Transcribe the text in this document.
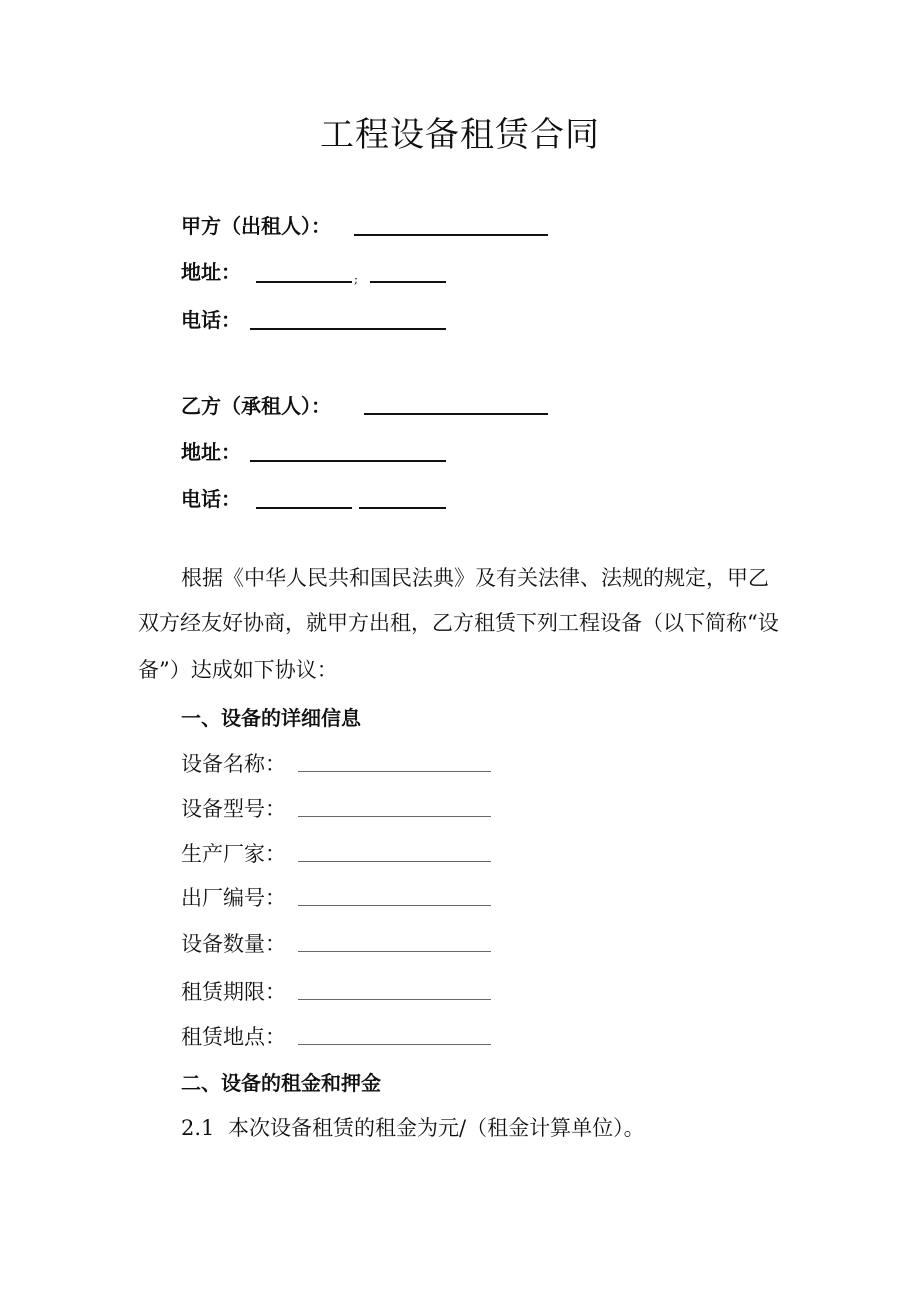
工程设备租赁合同
甲方（出租人）：
地址：	;
电话：
乙方（承租人）：
地址：
电话：
根据《中华人民共和国民法典》及有关法律、法规的规定，甲乙
双方经友好协商，就甲方出租，乙方租赁下列工程设备（以下简称“设
备”）达成如下协议：
一、设备的详细信息
设备名称：
设备型号：
生产厂家：
出厂编号：
设备数量：
租赁期限：
租赁地点：
二、设备的租金和押金
2.1 本次设备租赁的租金为元/（租金计算单位）。
